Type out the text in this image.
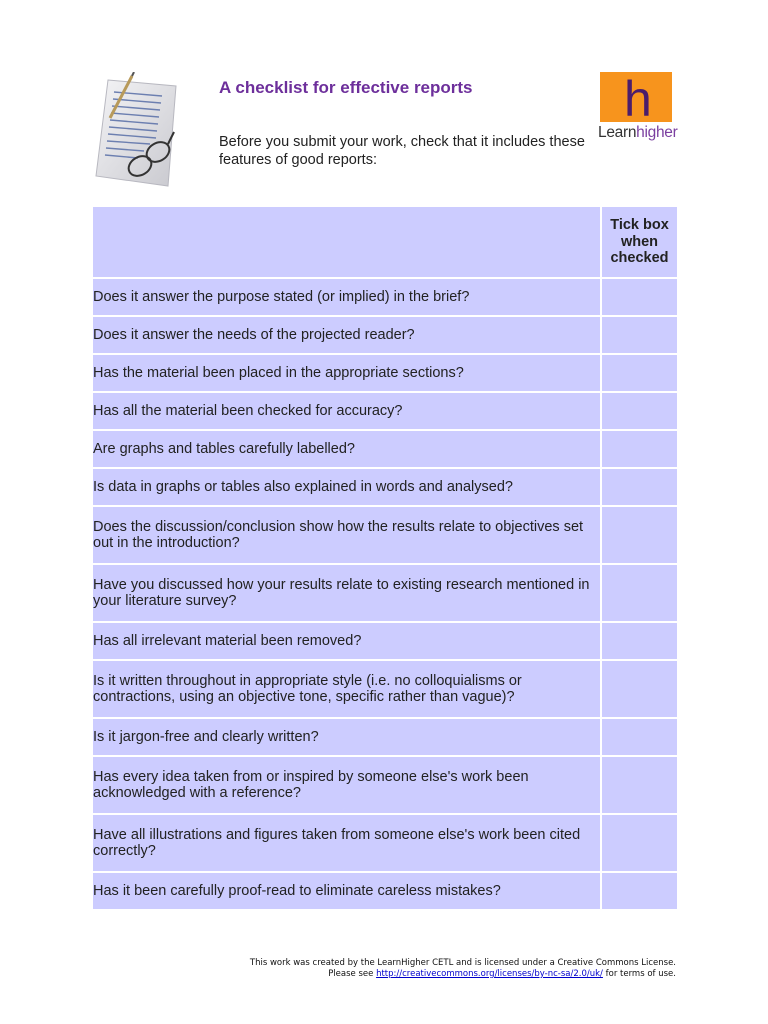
A checklist for effective reports
Before you submit your work, check that it includes these features of good reports:
h
Learnhigher
	Tick box when checked
Does it answer the purpose stated (or implied) in the brief?	
Does it answer the needs of the projected reader?	
Has the material been placed in the appropriate sections?	
Has all the material been checked for accuracy?	
Are graphs and tables carefully labelled?	
Is data in graphs or tables also explained in words and analysed?	
Does the discussion/conclusion show how the results relate to objectives set out in the introduction?	
Have you discussed how your results relate to existing research mentioned in your literature survey?	
Has all irrelevant material been removed?	
Is it written throughout in appropriate style (i.e. no colloquialisms or contractions, using an objective tone, specific rather than vague)?	
Is it jargon-free and clearly written?	
Has every idea taken from or inspired by someone else's work been acknowledged with a reference?	
Have all illustrations and figures taken from someone else's work been cited correctly?	
Has it been carefully proof-read to eliminate careless mistakes?	
This work was created by the LearnHigher CETL and is licensed under a Creative Commons License.
Please see http://creativecommons.org/licenses/by-nc-sa/2.0/uk/ for terms of use.
